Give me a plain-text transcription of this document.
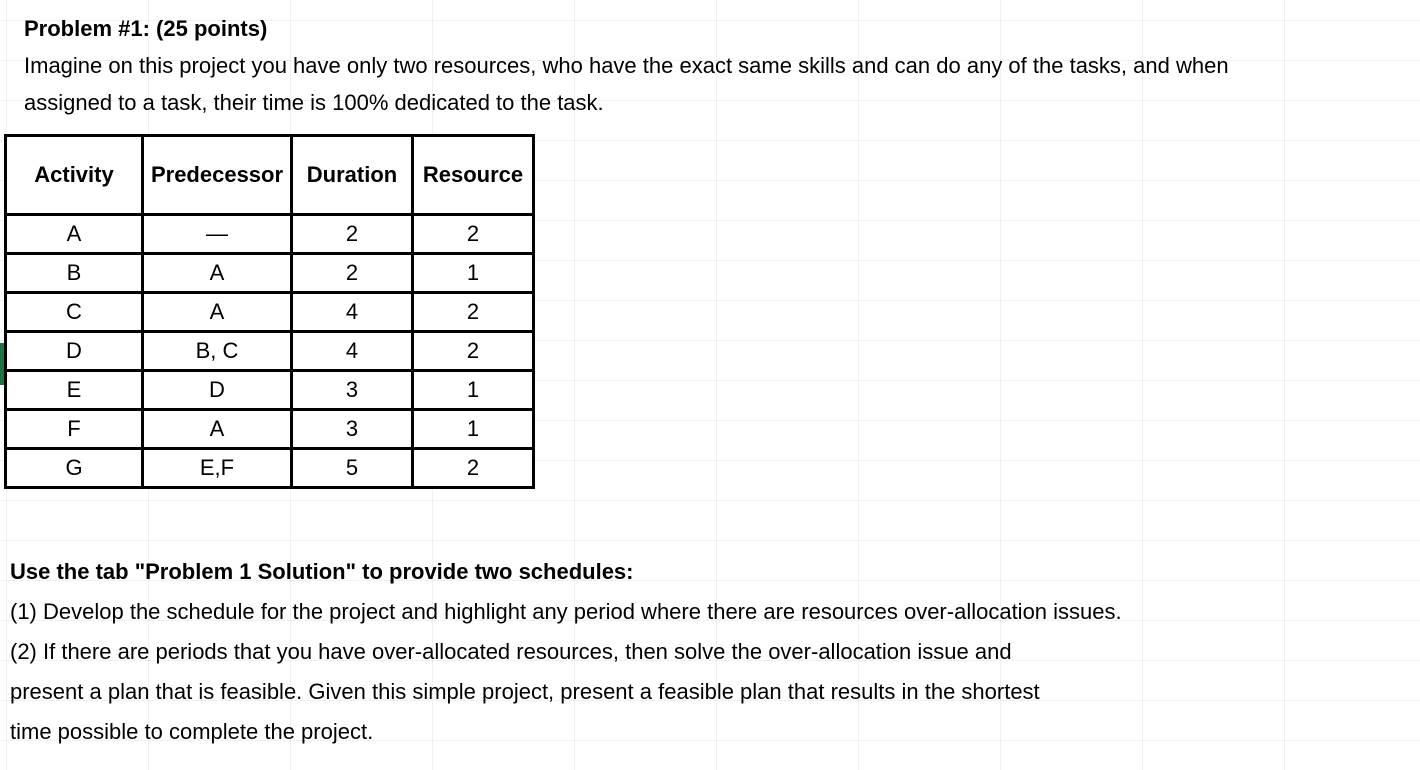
Problem #1: (25 points)
Imagine on this project you have only two resources, who have the exact same skills and can do any of the tasks, and when assigned to a task, their time is 100% dedicated to the task.
Activity	Predecessor	Duration	Resource
A	—	2	2
B	A	2	1
C	A	4	2
D	B, C	4	2
E	D	3	1
F	A	3	1
G	E,F	5	2
Use the tab "Problem 1 Solution" to provide two schedules:
(1) Develop the schedule for the project and highlight any period where there are resources over-allocation issues.
(2) If there are periods that you have over-allocated resources, then solve the over-allocation issue and
present a plan that is feasible. Given this simple project, present a feasible plan that results in the shortest
time possible to complete the project.
